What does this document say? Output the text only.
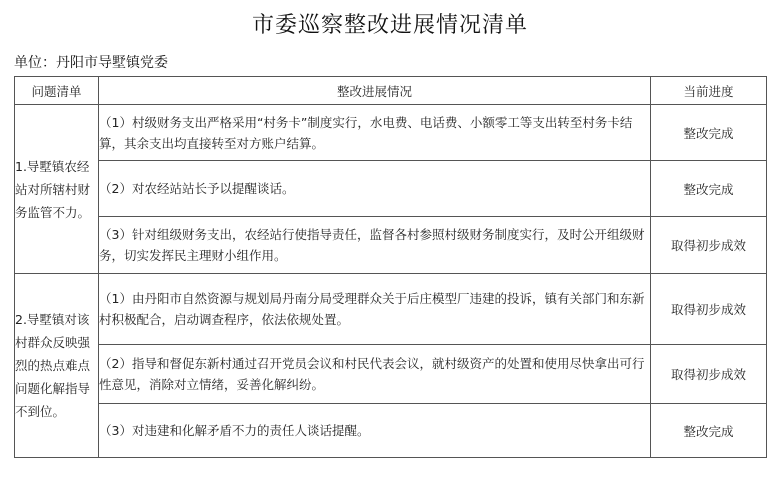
市委巡察整改进展情况清单
单位：丹阳市导墅镇党委
问题清单	整改进展情况	当前进度
1.导墅镇农经站对所辖村财务监管不力。	（1）村级财务支出严格采用“村务卡”制度实行，水电费、电话费、小额零工等支出转至村务卡结算，其余支出均直接转至对方账户结算。	整改完成
	（2）对农经站站长予以提醒谈话。	整改完成
	（3）针对组级财务支出，农经站行使指导责任，监督各村参照村级财务制度实行，及时公开组级财务，切实发挥民主理财小组作用。	取得初步成效
2.导墅镇对该村群众反映强烈的热点难点问题化解指导不到位。	（1）由丹阳市自然资源与规划局丹南分局受理群众关于后庄模型厂违建的投诉，镇有关部门和东新村积极配合，启动调查程序，依法依规处置。	取得初步成效
	（2）指导和督促东新村通过召开党员会议和村民代表会议，就村级资产的处置和使用尽快拿出可行性意见，消除对立情绪，妥善化解纠纷。	取得初步成效
	（3）对违建和化解矛盾不力的责任人谈话提醒。	整改完成
